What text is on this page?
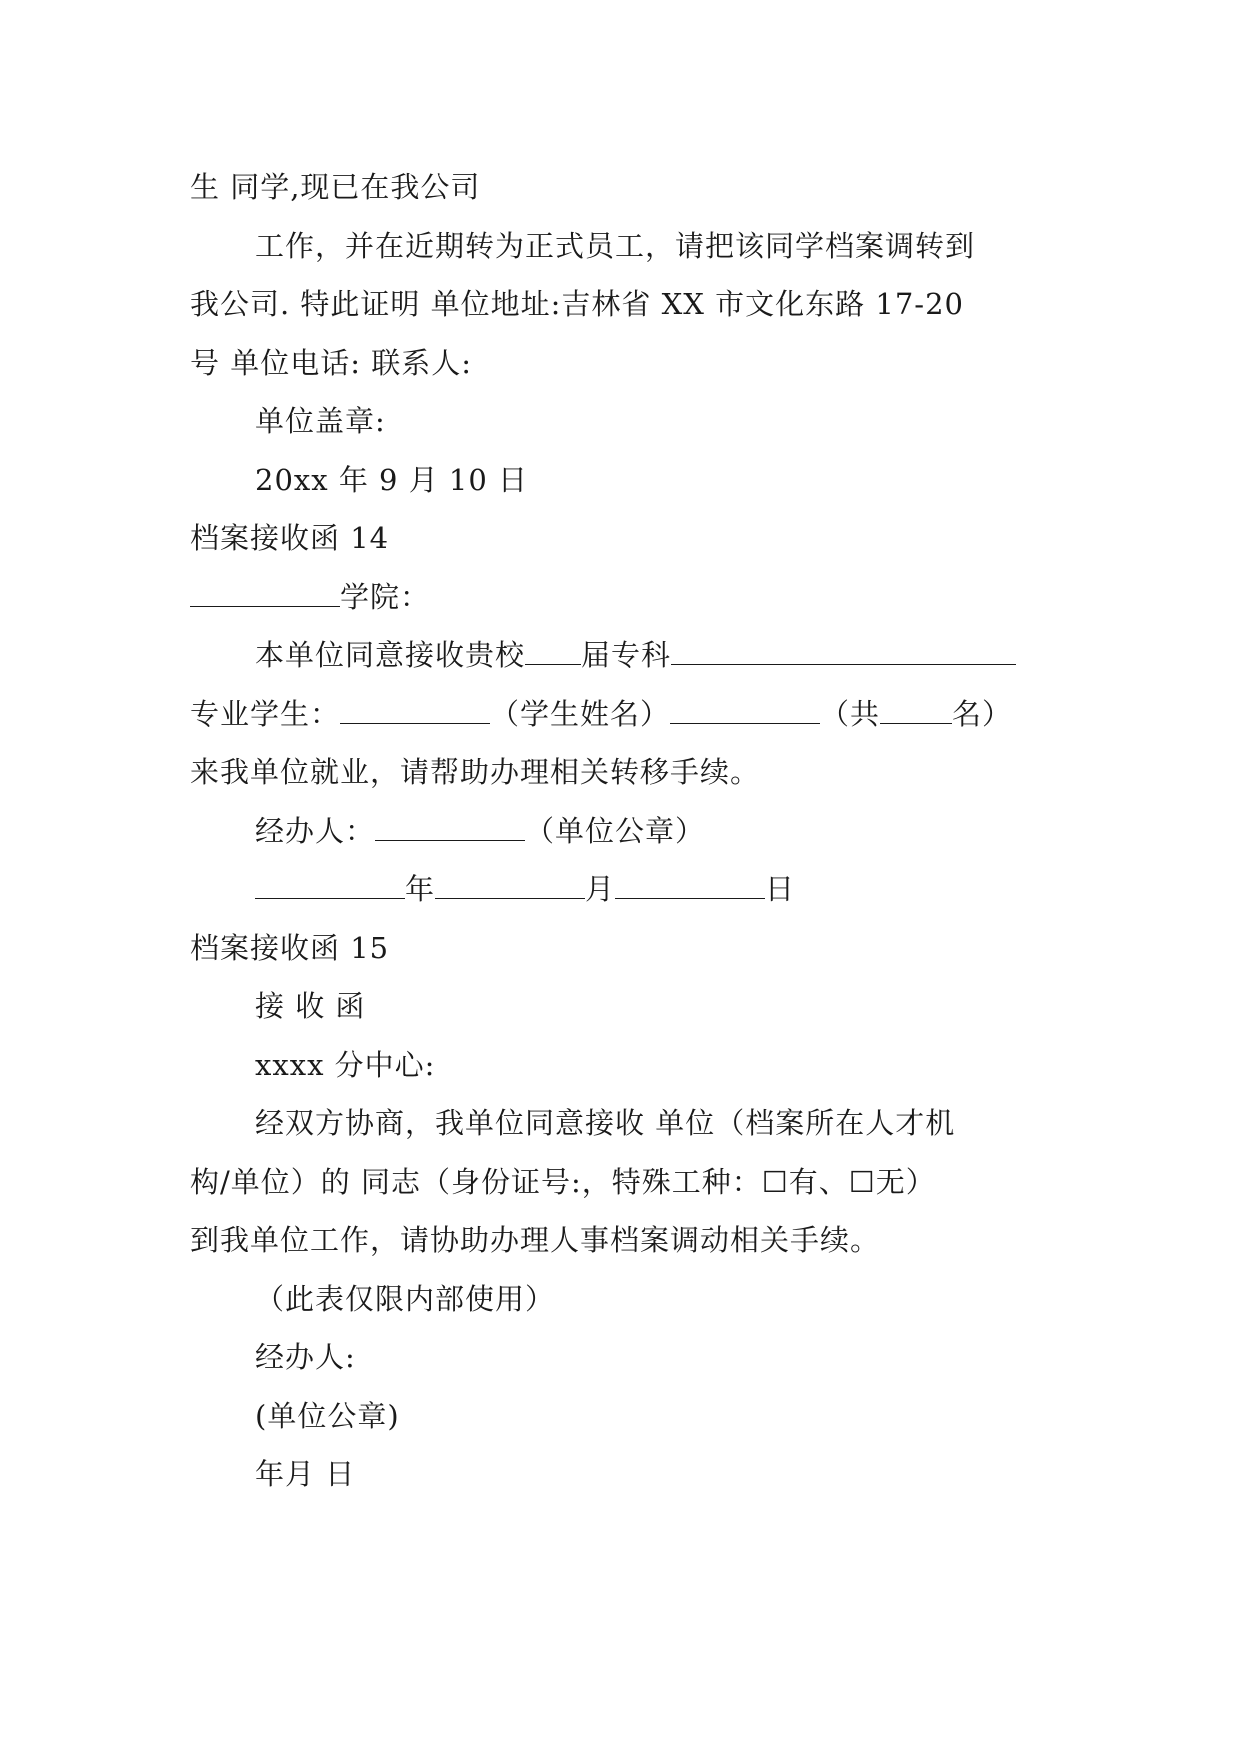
生 同学,现已在我公司
工作，并在近期转为正式员工，请把该同学档案调转到
我公司. 特此证明 单位地址:吉林省 XX 市文化东路 17-20
号 单位电话: 联系人:
单位盖章:
20xx 年 9 月 10 日
档案接收函 14
学院：
本单位同意接收贵校 届专科
专业学生：	（学生姓名）	（共 名）
来我单位就业，请帮助办理相关转移手续。
经办人：	（单位公章）
年	月	日
档案接收函 15
接 收 函
xxxx 分中心:
经双方协商，我单位同意接收 单位（档案所在人才机
构/单位）的 同志（身份证号:，特殊工种：☐有、☐无）
到我单位工作，请协助办理人事档案调动相关手续。
（此表仅限内部使用）
经办人:
(单位公章)
年月 日
